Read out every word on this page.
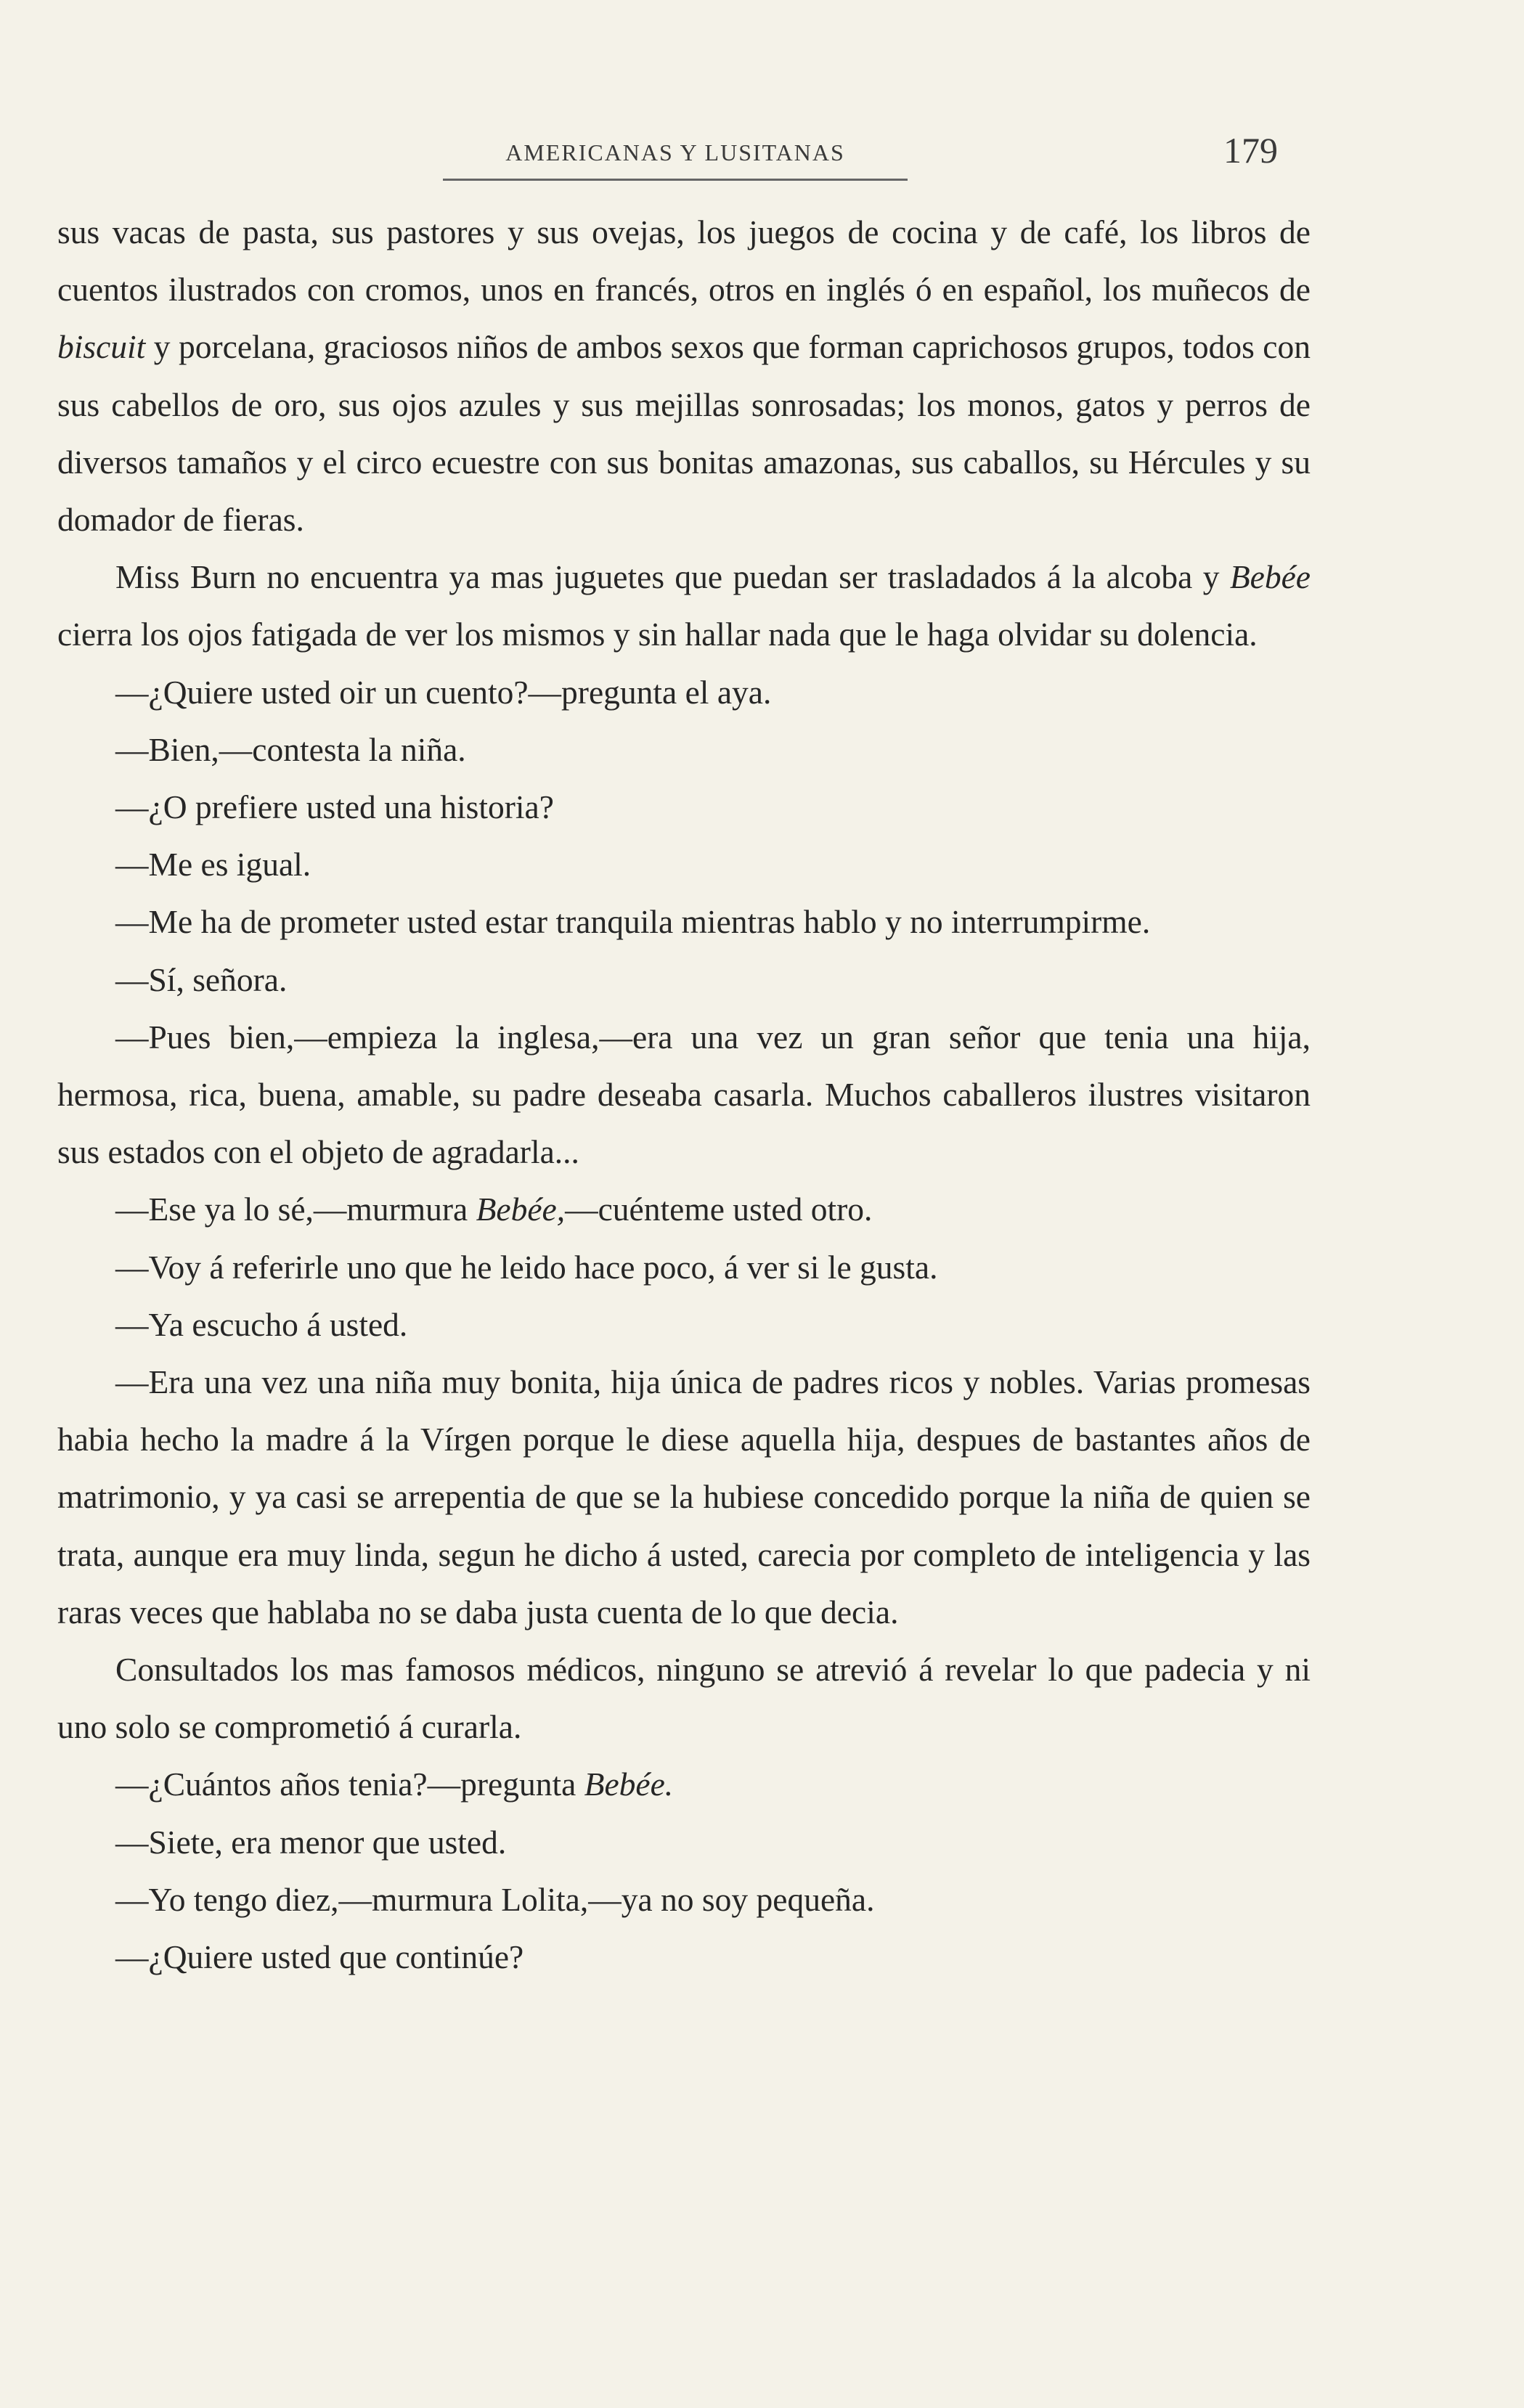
AMERICANAS Y LUSITANAS	179

sus vacas de pasta, sus pastores y sus ovejas, los juegos de cocina y de café, los libros de cuentos ilustrados con cromos, unos en francés, otros en inglés ó en español, los muñecos de biscuit y porcelana, graciosos niños de ambos sexos que forman caprichosos grupos, todos con sus cabellos de oro, sus ojos azules y sus mejillas sonrosadas; los monos, gatos y perros de diversos tamaños y el circo ecuestre con sus bonitas amazonas, sus caballos, su Hércules y su domador de fieras.

Miss Burn no encuentra ya mas juguetes que puedan ser trasladados á la alcoba y Bebée cierra los ojos fatigada de ver los mismos y sin hallar nada que le haga olvidar su dolencia.

—¿Quiere usted oir un cuento?—pregunta el aya.

—Bien,—contesta la niña.

—¿O prefiere usted una historia?

—Me es igual.

—Me ha de prometer usted estar tranquila mientras hablo y no interrumpirme.

—Sí, señora.

—Pues bien,—empieza la inglesa,—era una vez un gran señor que tenia una hija, hermosa, rica, buena, amable, su padre deseaba casarla. Muchos caballeros ilustres visitaron sus estados con el objeto de agradarla...

—Ese ya lo sé,—murmura Bebée,—cuénteme usted otro.

—Voy á referirle uno que he leido hace poco, á ver si le gusta.

—Ya escucho á usted.

—Era una vez una niña muy bonita, hija única de padres ricos y nobles. Varias promesas habia hecho la madre á la Vírgen porque le diese aquella hija, despues de bastantes años de matrimonio, y ya casi se arrepentia de que se la hubiese concedido porque la niña de quien se trata, aunque era muy linda, segun he dicho á usted, carecia por completo de inteligencia y las raras veces que hablaba no se daba justa cuenta de lo que decia.

Consultados los mas famosos médicos, ninguno se atrevió á revelar lo que padecia y ni uno solo se comprometió á curarla.

—¿Cuántos años tenia?—pregunta Bebée.

—Siete, era menor que usted.

—Yo tengo diez,—murmura Lolita,—ya no soy pequeña.

—¿Quiere usted que continúe?
